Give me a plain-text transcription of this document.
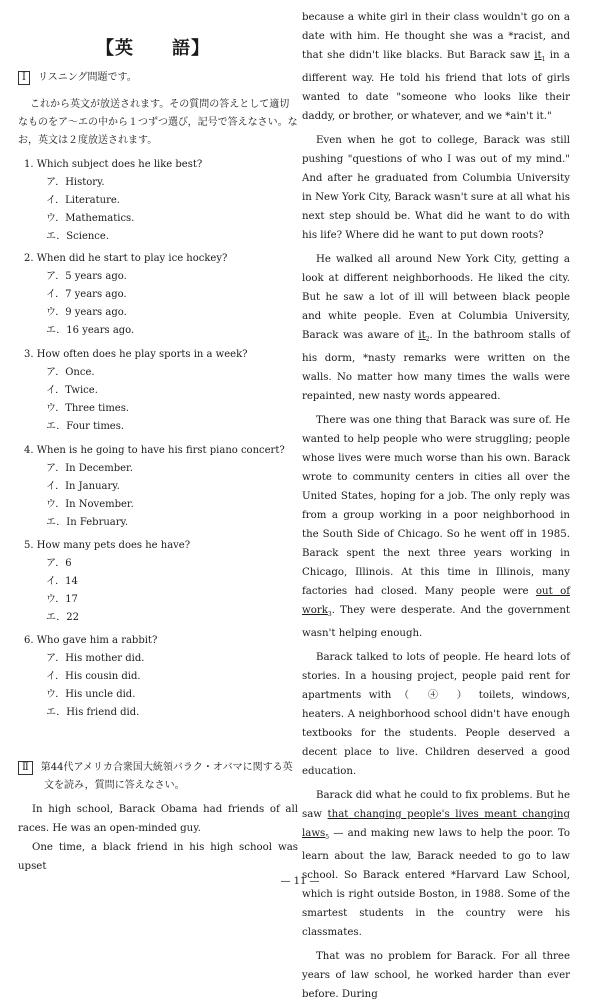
【英　　語】
Ⅰ リスニング問題です。
これから英文が放送されます。その質問の答えとして適切なものをア～エの中から１つずつ選び，記号で答えなさい。なお，英文は２度放送されます。

1. Which subject does he like best?

ア．History.
イ．Literature.
ウ．Mathematics.
エ．Science.

2. When did he start to play ice hockey?

ア．5 years ago.
イ．7 years ago.
ウ．9 years ago.
エ．16 years ago.

3. How often does he play sports in a week?

ア．Once.
イ．Twice.
ウ．Three times.
エ．Four times.

4. When is he going to have his first piano concert?

ア．In December.
イ．In January.
ウ．In November.
エ．In February.

5. How many pets does he have?

ア．6
イ．14
ウ．17
エ．22

6. Who gave him a rabbit?

ア．His mother did.
イ．His cousin did.
ウ．His uncle did.
エ．His friend did.
Ⅱ 第44代アメリカ合衆国大統領バラク・オバマに関する英
文を読み，質問に答えなさい。

In high school, Barack Obama had friends of all races. He was an open-minded guy.

One time, a black friend in his high school was upset

because a white girl in their class wouldn't go on a date with him. He thought she was a *racist, and that she didn't like blacks. But Barack saw $it_1$ in a different way. He told his friend that lots of girls wanted to date "someone who looks like their daddy, or brother, or whatever, and we *ain't it."

Even when he got to college, Barack was still pushing "questions of who I was out of my mind." And after he graduated from Columbia University in New York City, Barack wasn't sure at all what his next step should be. What did he want to do with his life? Where did he want to put down roots?

He walked all around New York City, getting a look at different neighborhoods. He liked the city. But he saw a lot of ill will between black people and white people. Even at Columbia University, Barack was aware of $it_2$. In the bathroom stalls of his dorm, *nasty remarks were written on the walls. No matter how many times the walls were repainted, new nasty words appeared.

There was one thing that Barack was sure of. He wanted to help people who were struggling; people whose lives were much worse than his own. Barack wrote to community centers in cities all over the United States, hoping for a job. The only reply was from a group working in a poor neighborhood in the South Side of Chicago. So he went off in 1985. Barack spent the next three years working in Chicago, Illinois. At this time in Illinois, many factories had closed. Many people were out of work$_3$. They were desperate. And the government wasn't helping enough.

Barack talked to lots of people. He heard lots of stories. In a housing project, people paid rent for apartments with （　④　） toilets, windows, heaters. A neighborhood school didn't have enough textbooks for the students. People deserved a decent place to live. Children deserved a good education.

Barack did what he could to fix problems. But he saw that changing people's lives meant changing laws$_5$ — and making new laws to help the poor. To learn about the law, Barack needed to go to law school. So Barack entered *Harvard Law School, which is right outside Boston, in 1988. Some of the smartest students in the country were his classmates.

That was no problem for Barack. For all three years of law school, he worked harder than ever before. During

— 11 —
